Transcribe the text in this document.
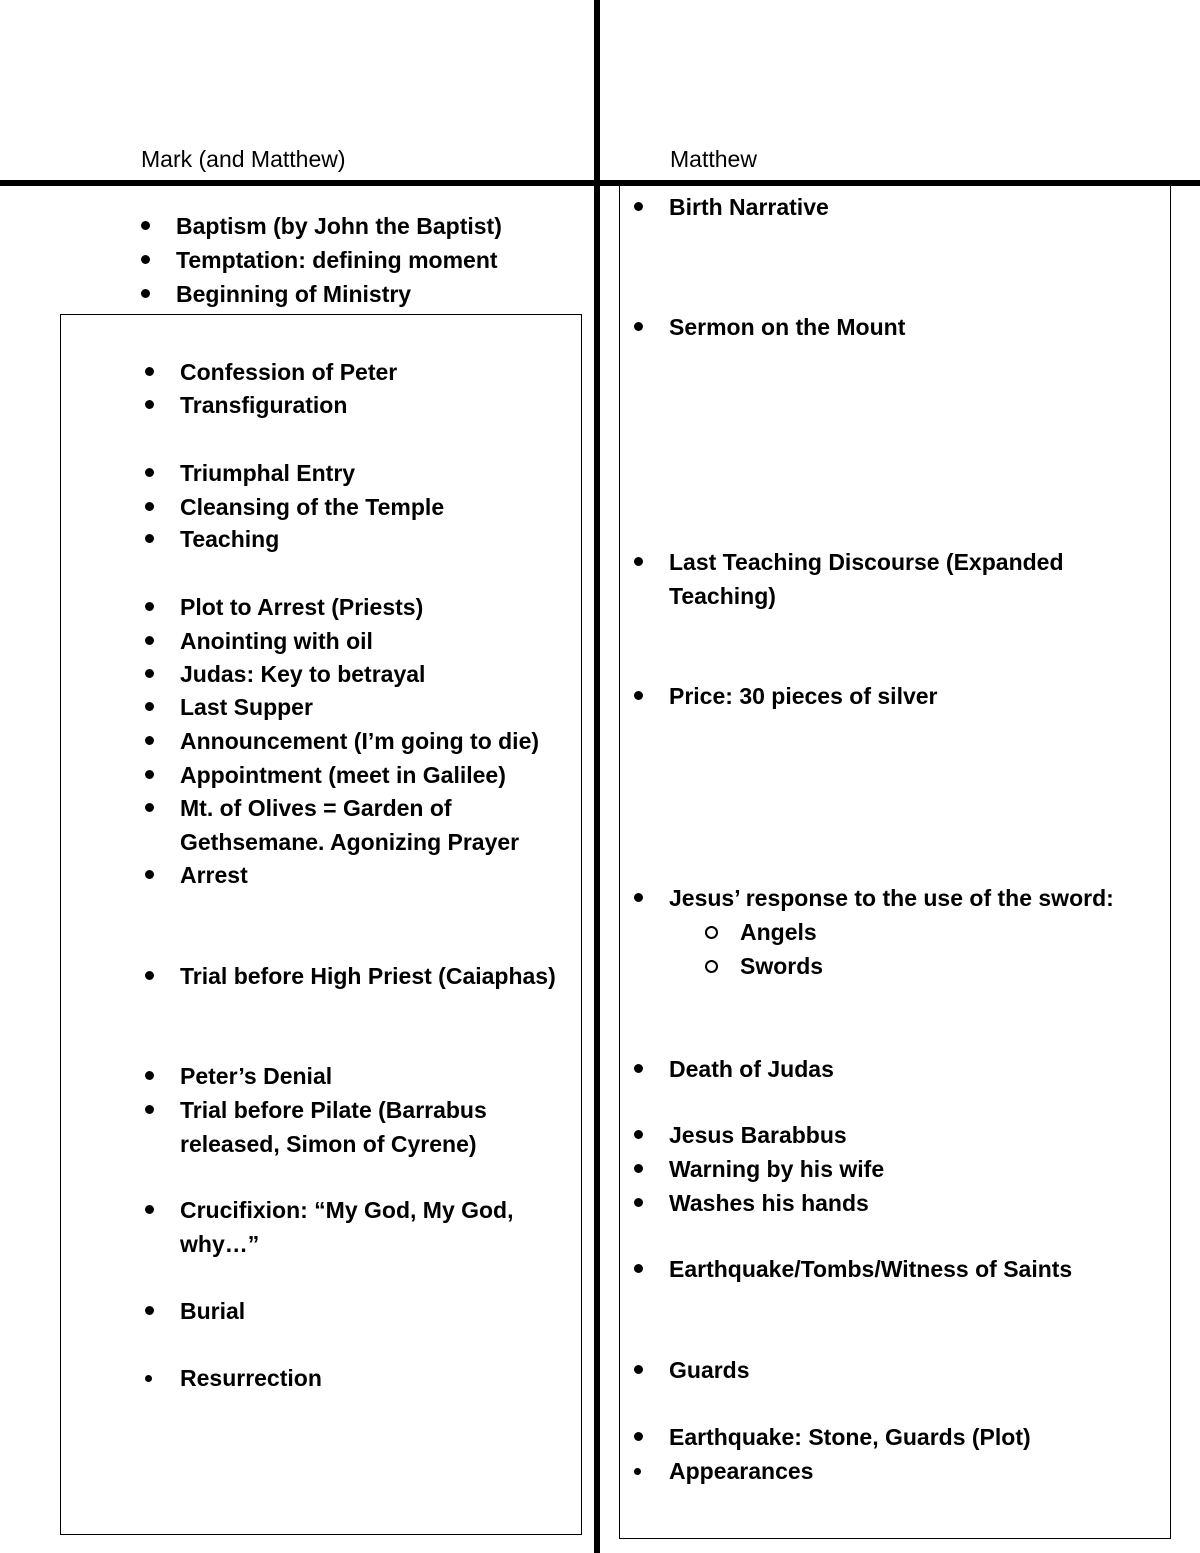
Mark (and Matthew)	Matthew
Baptism (by John the Baptist)
Temptation: defining moment
Beginning of Ministry
Confession of Peter
Transfiguration
Triumphal Entry
Cleansing of the Temple
Teaching
Plot to Arrest (Priests)
Anointing with oil
Judas: Key to betrayal
Last Supper
Announcement (I’m going to die)
Appointment (meet in Galilee)
Mt. of Olives = Garden of
Gethsemane. Agonizing Prayer
Arrest
Trial before High Priest (Caiaphas)
Peter’s Denial
Trial before Pilate (Barrabus
released, Simon of Cyrene)
Crucifixion: “My God, My God,
why…”
Burial
Resurrection
Birth Narrative
Sermon on the Mount
Last Teaching Discourse (Expanded
Teaching)
Price: 30 pieces of silver
Jesus’ response to the use of the sword:
Angels
Swords
Death of Judas
Jesus Barabbus
Warning by his wife
Washes his hands
Earthquake/Tombs/Witness of Saints
Guards
Earthquake: Stone, Guards (Plot)
Appearances
